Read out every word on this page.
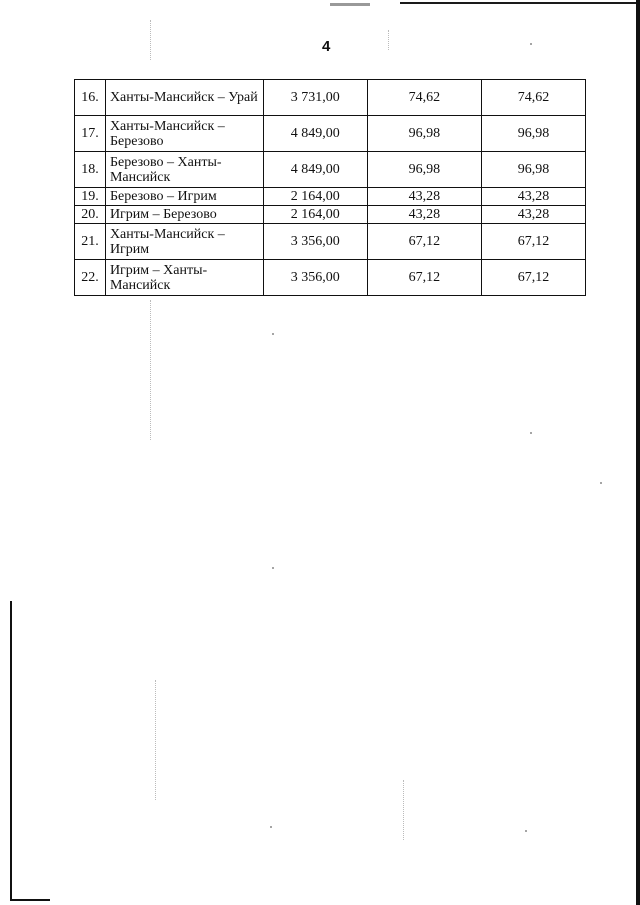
4
16.	Ханты-Мансийск – Урай	3 731,00	74,62	74,62
17.	Ханты-Мансийск – Березово	4 849,00	96,98	96,98
18.	Березово – Ханты-Мансийск	4 849,00	96,98	96,98
19.	Березово – Игрим	2 164,00	43,28	43,28
20.	Игрим – Березово	2 164,00	43,28	43,28
21.	Ханты-Мансийск – Игрим	3 356,00	67,12	67,12
22.	Игрим – Ханты-Мансийск	3 356,00	67,12	67,12
